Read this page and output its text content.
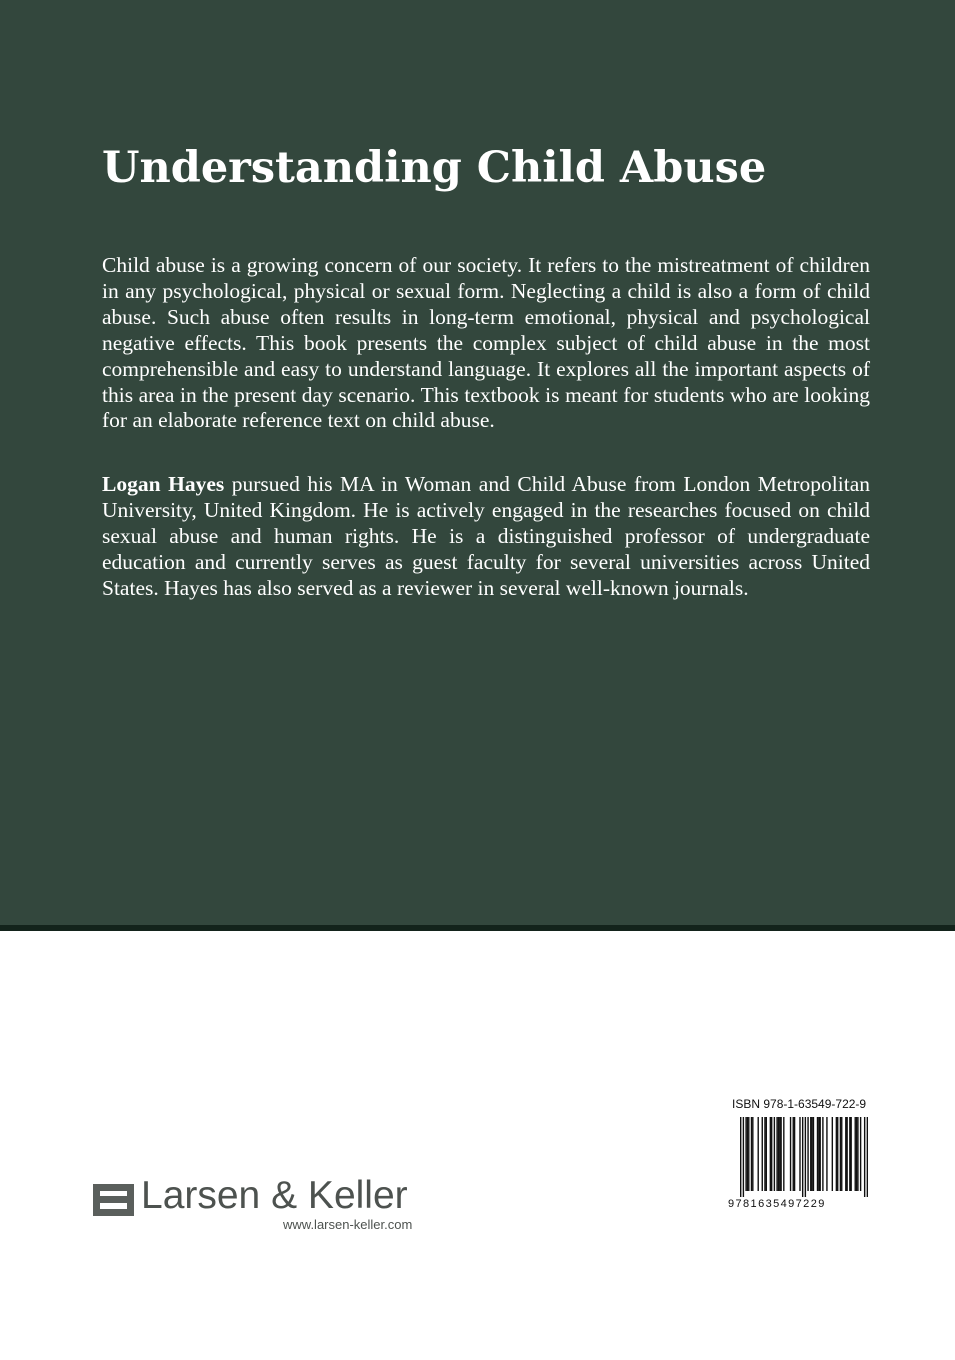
Understanding Child Abuse

Child abuse is a growing concern of our society. It refers to the mistreatment of children in any psychological, physical or sexual form. Neglecting a child is also a form of child abuse. Such abuse often results in long-term emotional, physical and psychological negative effects. This book presents the complex subject of child abuse in the most comprehensible and easy to understand language. It explores all the important aspects of this area in the present day scenario. This textbook is meant for students who are looking for an elaborate reference text on child abuse.

Logan Hayes pursued his MA in Woman and Child Abuse from London Metropolitan University, United Kingdom. He is actively engaged in the researches focused on child sexual abuse and human rights. He is a distinguished professor of undergraduate education and currently serves as guest faculty for several universities across United States. Hayes has also served as a reviewer in several well-known journals.

Larsen & Keller
www.larsen-keller.com
ISBN 978-1-63549-722-9
9781635497229
